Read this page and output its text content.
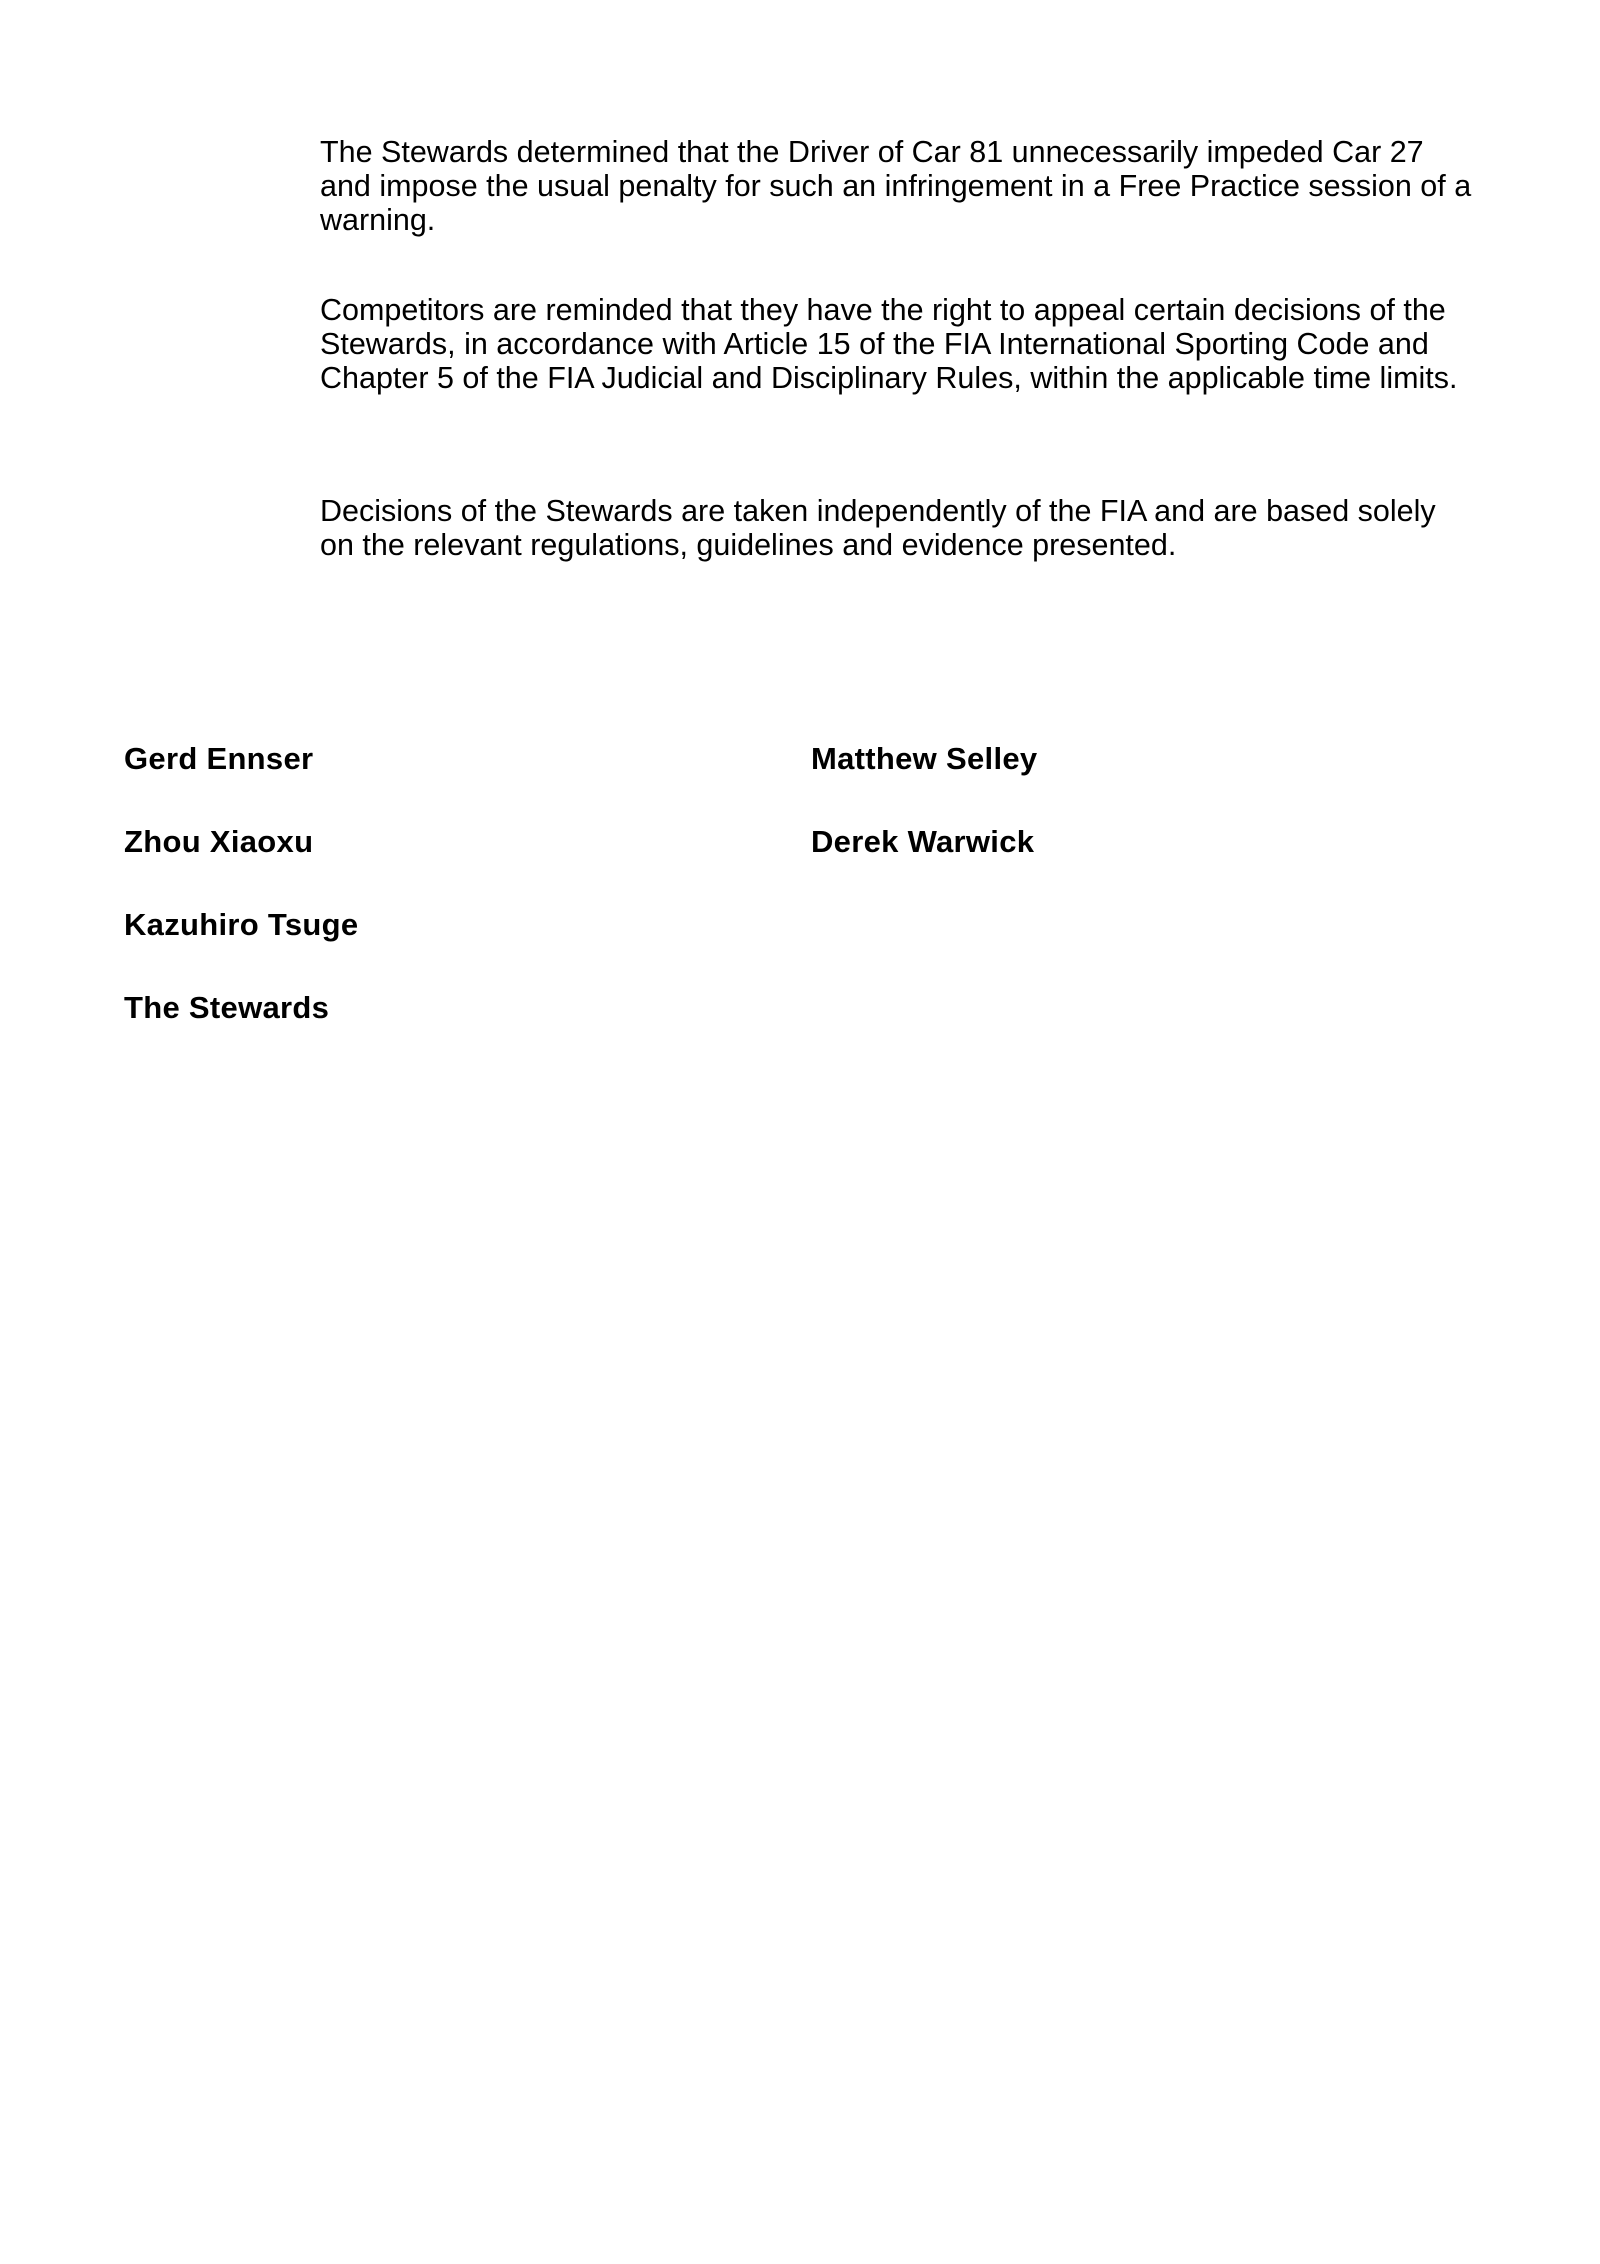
The Stewards determined that the Driver of Car 81 unnecessarily impeded Car 27
and impose the usual penalty for such an infringement in a Free Practice session of a
warning.

Competitors are reminded that they have the right to appeal certain decisions of the
Stewards, in accordance with Article 15 of the FIA International Sporting Code and
Chapter 5 of the FIA Judicial and Disciplinary Rules, within the applicable time limits.

Decisions of the Stewards are taken independently of the FIA and are based solely
on the relevant regulations, guidelines and evidence presented.

Gerd Ennser
Zhou Xiaoxu
Kazuhiro Tsuge
The Stewards
Matthew Selley
Derek Warwick
